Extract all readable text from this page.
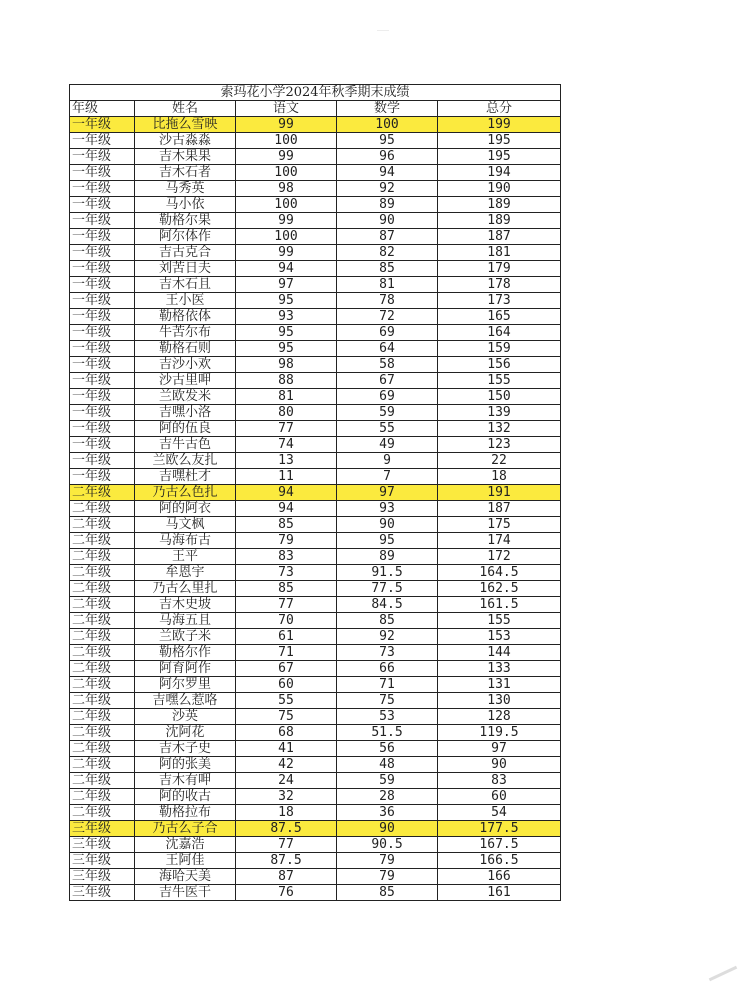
索玛花小学2024年秋季期末成绩				
年级	姓名	语文	数学	总分
一年级	比拖么雪映	99	100	199
一年级	沙古淼淼	100	95	195
一年级	吉木果果	99	96	195
一年级	吉木石者	100	94	194
一年级	马秀英	98	92	190
一年级	马小依	100	89	189
一年级	勒格尔果	99	90	189
一年级	阿尔体作	100	87	187
一年级	吉古克合	99	82	181
一年级	刘苦日夫	94	85	179
一年级	吉木石且	97	81	178
一年级	王小医	95	78	173
一年级	勒格依体	93	72	165
一年级	牛苦尔布	95	69	164
一年级	勒格石则	95	64	159
一年级	吉沙小欢	98	58	156
一年级	沙古里呷	88	67	155
一年级	兰欧发米	81	69	150
一年级	吉嘿小洛	80	59	139
一年级	阿的伍良	77	55	132
一年级	吉牛古色	74	49	123
一年级	兰欧么友扎	13	9	22
一年级	吉嘿杜才	11	7	18
二年级	乃古么色扎	94	97	191
二年级	阿的阿衣	94	93	187
二年级	马文枫	85	90	175
二年级	马海布古	79	95	174
二年级	王平	83	89	172
二年级	牟恩宇	73	91.5	164.5
二年级	乃古么里扎	85	77.5	162.5
二年级	吉木史坡	77	84.5	161.5
二年级	马海五且	70	85	155
二年级	兰欧子米	61	92	153
二年级	勒格尔作	71	73	144
二年级	阿育阿作	67	66	133
二年级	阿尔罗里	60	71	131
二年级	吉嘿么惹咯	55	75	130
二年级	沙英	75	53	128
二年级	沈阿花	68	51.5	119.5
二年级	吉木子史	41	56	97
二年级	阿的张美	42	48	90
二年级	吉木有呷	24	59	83
二年级	阿的收古	32	28	60
二年级	勒格拉布	18	36	54
三年级	乃古么子合	87.5	90	177.5
三年级	沈嘉浩	77	90.5	167.5
三年级	王阿佳	87.5	79	166.5
三年级	海哈天美	87	79	166
三年级	吉牛医干	76	85	161
